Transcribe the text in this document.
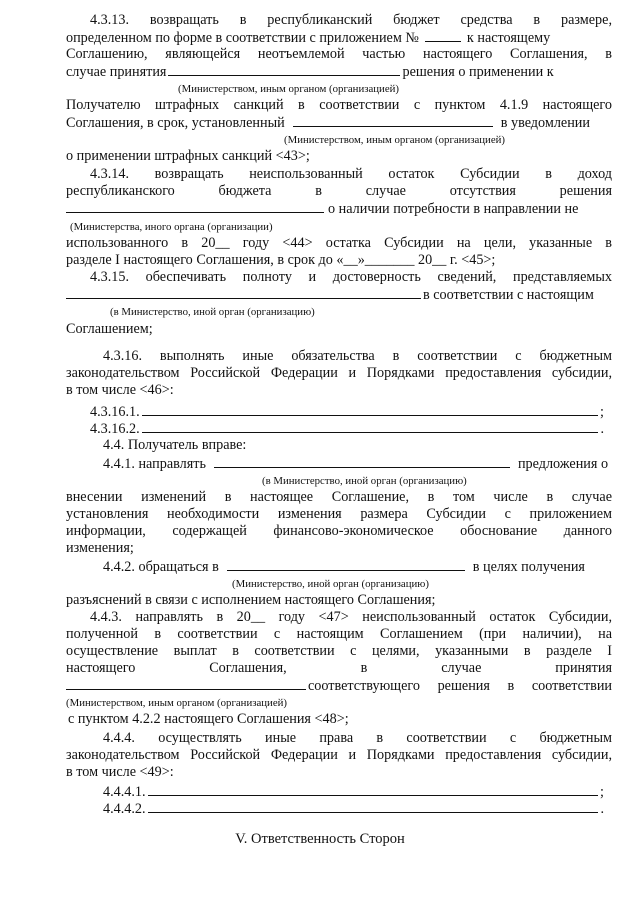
4.3.13. возвращать в республиканский бюджет средства в размере,
определенном по форме в соответствии с приложением №	к настоящему
Соглашению, являющейся неотъемлемой частью настоящего Соглашения, в
случае принятия	решения о применении к
(Министерством, иным органом (организацией)
Получателю штрафных санкций в соответствии с пунктом 4.1.9 настоящего
Соглашения, в срок, установленный	в уведомлении
(Министерством, иным органом (организацией)
о применении штрафных санкций <43>;
4.3.14. возвращать неиспользованный остаток Субсидии в доход
республиканского бюджета в случае отсутствия решения
о наличии потребности в направлении не
(Министерства, иного органа (организации)
использованного в 20__ году <44> остатка Субсидии на цели, указанные в
разделе I настоящего Соглашения, в срок до «__»_______ 20__ г. <45>;
4.3.15. обеспечивать полноту и достоверность сведений, представляемых
в соответствии с настоящим
(в Министерство, иной орган (организацию)
Соглашением;
4.3.16. выполнять иные обязательства в соответствии с бюджетным
законодательством Российской Федерации и Порядками предоставления субсидии,
в том числе <46>:
4.3.16.1.	;
4.3.16.2.	.
4.4. Получатель вправе:
4.4.1. направлять	предложения о
(в Министерство, иной орган (организацию)
внесении изменений в настоящее Соглашение, в том числе в случае
установления необходимости изменения размера Субсидии с приложением
информации, содержащей финансово-экономическое обоснование данного
изменения;
4.4.2. обращаться в	в целях получения
(Министерство, иной орган (организацию)
разъяснений в связи с исполнением настоящего Соглашения;
4.4.3. направлять в 20__ году <47> неиспользованный остаток Субсидии,
полученной в соответствии с настоящим Соглашением (при наличии), на
осуществление выплат в соответствии с целями, указанными в разделе I
настоящего Соглашения, в случае принятия
соответствующего решения в соответствии
(Министерством, иным органом (организацией)
с пунктом 4.2.2 настоящего Соглашения <48>;
4.4.4. осуществлять иные права в соответствии с бюджетным
законодательством Российской Федерации и Порядками предоставления субсидии,
в том числе <49>:
4.4.4.1.	;
4.4.4.2.	.
V. Ответственность Сторон
